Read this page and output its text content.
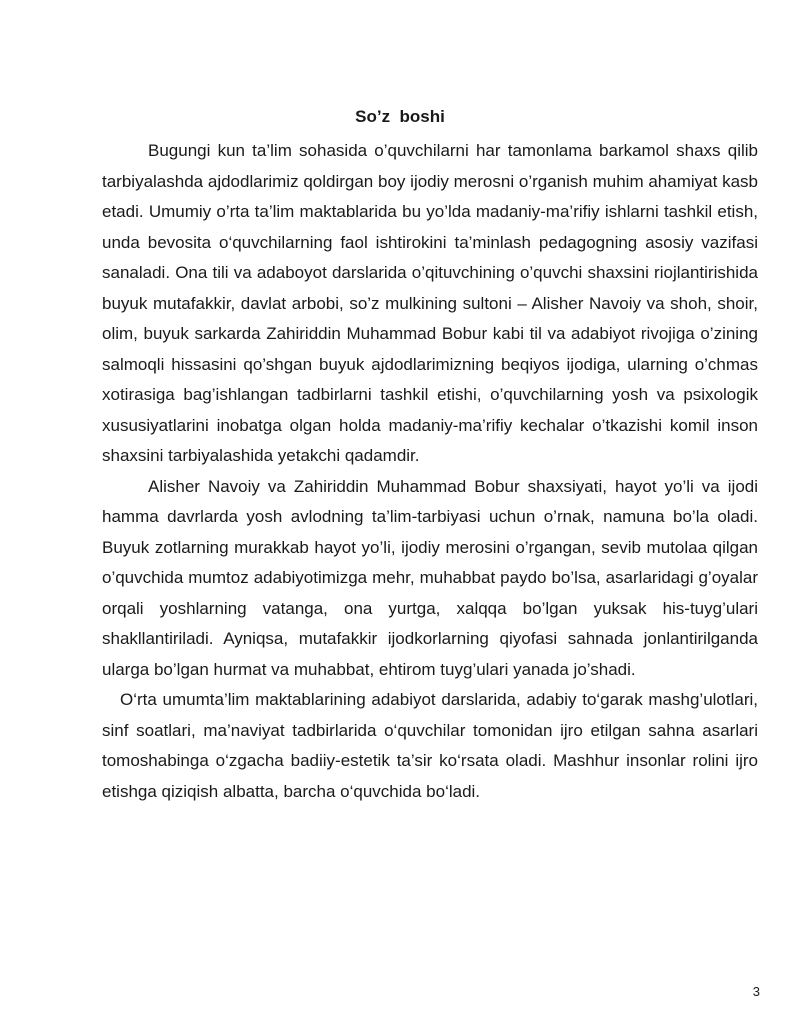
So’z  boshi

Bugungi kun ta’lim sohasida o’quvchilarni har tamonlama barkamol shaxs qilib tarbiyalashda ajdodlarimiz qoldirgan boy ijodiy merosni o’rganish muhim ahamiyat kasb etadi. Umumiy o’rta ta’lim maktablarida bu yo’lda madaniy-ma’rifiy ishlarni tashkil etish, unda bevosita o‘quvchilarning faol ishtirokini ta’minlash pedagogning asosiy vazifasi sanaladi. Ona tili va adaboyot darslarida o’qituvchining o’quvchi shaxsini riojlantirishida buyuk mutafakkir, davlat arbobi, so’z mulkining sultoni – Alisher Navoiy va shoh, shoir, olim, buyuk sarkarda Zahiriddin Muhammad Bobur kabi til va adabiyot rivojiga o’zining salmoqli hissasini qo’shgan buyuk ajdodlarimizning beqiyos ijodiga, ularning o’chmas xotirasiga bag’ishlangan tadbirlarni tashkil etishi, o’quvchilarning yosh va psixologik xususiyatlarini inobatga olgan holda madaniy-ma’rifiy kechalar o’tkazishi komil inson shaxsini tarbiyalashida yetakchi qadamdir.

Alisher Navoiy va Zahiriddin Muhammad Bobur shaxsiyati, hayot yo’li va ijodi hamma davrlarda yosh avlodning ta’lim-tarbiyasi uchun o’rnak, namuna bo’la oladi. Buyuk zotlarning murakkab hayot yo’li, ijodiy merosini o’rgangan, sevib mutolaa qilgan o’quvchida mumtoz adabiyotimizga mehr, muhabbat paydo bo’lsa, asarlaridagi g’oyalar orqali yoshlarning vatanga, ona yurtga, xalqqa bo’lgan yuksak his-tuyg’ulari shakllantiriladi. Ayniqsa, mutafakkir ijodkorlarning qiyofasi sahnada jonlantirilganda ularga bo’lgan hurmat va muhabbat, ehtirom tuyg’ulari yanada jo’shadi.

O‘rta umumta’lim maktablarining adabiyot darslarida, adabiy to‘garak mashg’ulotlari, sinf soatlari, ma’naviyat tadbirlarida o‘quvchilar tomonidan ijro etilgan sahna asarlari tomoshabinga o‘zgacha badiiy-estetik ta’sir ko‘rsata oladi. Mashhur insonlar rolini ijro etishga qiziqish albatta, barcha o‘quvchida bo‘ladi.

3
